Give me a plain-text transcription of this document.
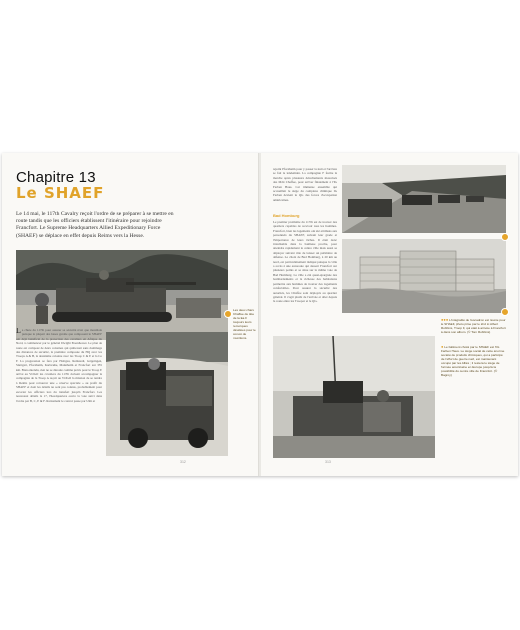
Chapitre 13
Le SHAEF
Le 14 mai, le 117th Cavalry reçoit l'ordre de se préparer à se mettre en route tandis que les officiers établissent l'itinéraire pour rejoindre Francfort. Le Supreme Headquarters Allied Expeditionary Force (SHAEF) se déplace en effet depuis Reims vers la Hesse.
Les deux chars Chaffee de tête de la Ea F toujours leurs remorques dévidées pour le convoi de munitions.
La chute du 117th pour assurer sa sécurité n'est que mondiale puisque le plupart des bases gardée que composent le SHAEF ont déjà bénéficié de la protection des cavaliers en Afrique du Nord, à commencer par le général Dwight Eisenhower. Le plan de route est composé de deux colonnes qui quitteront sans dommage des distances de sécurité, la première composée du HQ avec les Troops A & B, la deuxième colonne avec les Troop C & E et la Co F. La progression se fera par Holtgau, Remstedt, Göppingen, Stuttgart, Pforzheim, Karlsruhe, Mannheim et Francfort sur 355 km. Bien entendu, rien ne se déroule comme prévu pour le Troop E arrivé au VOGO les cavaliers du 117th doivent accompagner la compagnie de la Troop A reçoit au VOGO la mission de se rendre à Reims pour retrouver une « réserve spéciale » au profit du SHAEF et dont les détails ne sont pas connus, probablement pour escorter les officiers lors du transfert jusqu'à Francfort. Les nouveaux détails le 17, l'headquartere ouvre la voie suivi dans l'ordre par B, C, E & F. Rationnant le convoi passe par Ulm et
312
rejoint Pforzheim pour y passer la nuit et l'arrivée se fait le lendemain. La compagnie F forme la marche après plusieurs détachements motorisés des M24 Chaffee, pour arriver finalement à l'IG Farben Haus. Cet immense ensemble qui accueillait le siège du complexe chimique IG Farben devient le QG des forces d'occupation américaines.
Bad Homburg
Le premier problème du 117th est de trouver des quartiers capables de recevoir tous les hommes. Francfort, bien les logements ont été attribués aux personnels du SHAEF, suivant leur grade et l'importance de leurs tâches. Il était donc irréalisable dans la banlieue proche, pour atteindre rapidement le centre ville mais aussi se déployer suivant rôle de laisser un périmètre de défense. Le choix de Bad Homburg, à 20 km au nord, est particulièrement indiqué puisque la ville a accès à une autoroute qui dessert Francfort sur plusieurs points et se situe sur la même voie de Bad Homburg. La ville a été quasi-épargnée des bombardements et la richesse des habitations permettra aux hommes de trouver des logements confortables. Pour assurer la sécurité des autorités, les Chaffee sont déployés au quartier général. Il s'agit plutôt de l'arrivée et aller depuis la route entre les Trooper et le QG.
●●● L'intégralité de l'escadron est réunie pour le SHAEF, photo prise par le 2nd Lt Albert Robbins, Troop F, qui était à arrivée à Francfort à dans son album. (© Tom Robbins)
● Le bâtiment choisi par le SHAEF est l'IG Farben Haus. Le siège social de cette énorme société de produits chimiques, qui a participé de l'effort de guerre nazi, est maintenant occupé par les Alliés ; il restera le siège de l'armée américaine en Europe jusqu'à la possibilité du centre ville de Francfort. (© Bagroy)
313
